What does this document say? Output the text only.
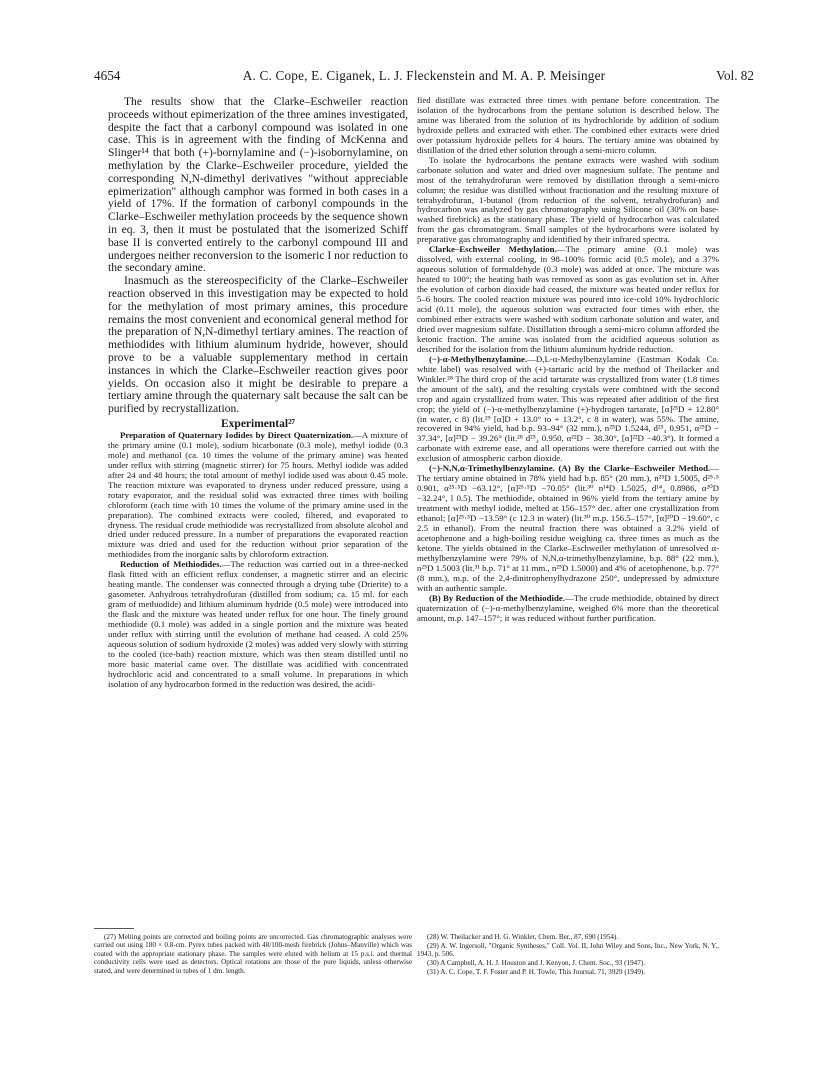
4654	A. C. Cope, E. Ciganek, L. J. Fleckenstein and M. A. P. Meisinger	Vol. 82

The results show that the Clarke–Eschweiler reaction proceeds without epimerization of the three amines investigated, despite the fact that a carbonyl compound was isolated in one case. This is in agreement with the finding of McKenna and Slinger¹⁴ that both (+)-bornylamine and (−)-isobornylamine, on methylation by the Clarke–Eschweiler procedure, yielded the corresponding N,N-dimethyl derivatives "without appreciable epimerization" although camphor was formed in both cases in a yield of 17%. If the formation of carbonyl compounds in the Clarke–Eschweiler methylation proceeds by the sequence shown in eq. 3, then it must be postulated that the isomerized Schiff base II is converted entirely to the carbonyl compound III and undergoes neither reconversion to the isomeric I nor reduction to the secondary amine.

Inasmuch as the stereospecificity of the Clarke–Eschweiler reaction observed in this investigation may be expected to hold for the methylation of most primary amines, this procedure remains the most convenient and economical general method for the preparation of N,N-dimethyl tertiary amines. The reaction of methiodides with lithium aluminum hydride, however, should prove to be a valuable supplementary method in certain instances in which the Clarke–Eschweiler reaction gives poor yields. On occasion also it might be desirable to prepare a tertiary amine through the quaternary salt because the salt can be purified by recrystallization.

Experimental²⁷

Preparation of Quaternary Iodides by Direct Quaternization.—A mixture of the primary amine (0.1 mole), sodium bicarbonate (0.3 mole), methyl iodide (0.3 mole) and methanol (ca. 10 times the volume of the primary amine) was heated under reflux with stirring (magnetic stirrer) for 75 hours. Methyl iodide was added after 24 and 48 hours; the total amount of methyl iodide used was about 0.45 mole. The reaction mixture was evaporated to dryness under reduced pressure, using a rotary evaporator, and the residual solid was extracted three times with boiling chloroform (each time with 10 times the volume of the primary amine used in the preparation). The combined extracts were cooled, filtered, and evaporated to dryness. The residual crude methiodide was recrystallized from absolute alcohol and dried under reduced pressure. In a number of preparations the evaporated reaction mixture was dried and used for the reduction without prior separation of the methiodides from the inorganic salts by chloroform extraction.

Reduction of Methiodides.—The reduction was carried out in a three-necked flask fitted with an efficient reflux condenser, a magnetic stirrer and an electric heating mantle. The condenser was connected through a drying tube (Drierite) to a gasometer. Anhydrous tetrahydrofuran (distilled from sodium; ca. 15 ml. for each gram of methiodide) and lithium aluminum hydride (0.5 mole) were introduced into the flask and the mixture was heated under reflux for one hour. The finely ground methiodide (0.1 mole) was added in a single portion and the mixture was heated under reflux with stirring until the evolution of methane had ceased. A cold 25% aqueous solution of sodium hydroxide (2 moles) was added very slowly with stirring to the cooled (ice-bath) reaction mixture, which was then steam distilled until no more basic material came over. The distillate was acidified with concentrated hydrochloric acid and concentrated to a small volume. In preparations in which isolation of any hydrocarbon formed in the reduction was desired, the acidi-

fied distillate was extracted three times with pentane before concentration. The isolation of the hydrocarbons from the pentane solution is described below. The amine was liberated from the solution of its hydrochloride by addition of sodium hydroxide pellets and extracted with ether. The combined ether extracts were dried over potassium hydroxide pellets for 4 hours. The tertiary amine was obtained by distillation of the dried ether solution through a semi-micro column.

To isolate the hydrocarbons the pentane extracts were washed with sodium carbonate solution and water and dried over magnesium sulfate. The pentane and most of the tetrahydrofuran were removed by distillation through a semi-micro column; the residue was distilled without fractionation and the resulting mixture of tetrahydrofuran, 1-butanol (from reduction of the solvent, tetrahydrofuran) and hydrocarbon was analyzed by gas chromatography using Silicone oil (30% on base-washed firebrick) as the stationary phase. The yield of hydrocarbon was calculated from the gas chromatogram. Small samples of the hydrocarbons were isolated by preparative gas chromatography and identified by their infrared spectra.

Clarke–Eschweiler Methylation.—The primary amine (0.1 mole) was dissolved, with external cooling, in 98–100% formic acid (0.5 mole), and a 37% aqueous solution of formaldehyde (0.3 mole) was added at once. The mixture was heated to 100°; the heating bath was removed as soon as gas evolution set in. After the evolution of carbon dioxide had ceased, the mixture was heated under reflux for 5–6 hours. The cooled reaction mixture was poured into ice-cold 10% hydrochloric acid (0.11 mole), the aqueous solution was extracted four times with ether, the combined ether extracts were washed with sodium carbonate solution and water, and dried over magnesium sulfate. Distillation through a semi-micro column afforded the ketonic fraction. The amine was isolated from the acidified aqueous solution as described for the isolation from the lithium aluminum hydride reduction.

(−)-α-Methylbenzylamine.—D,L-α-Methylbenzylamine (Eastman Kodak Co. white label) was resolved with (+)-tartaric acid by the method of Theilacker and Winkler.²⁸ The third crop of the acid tartarate was crystallized from water (1.8 times the amount of the salt), and the resulting crystals were combined with the second crop and again crystallized from water. This was repeated after addition of the first crop; the yield of (−)-α-methylbenzylamine (+)-hydrogen tartarate, [α]²⁵D + 12.80° (in water, c 8) (lit.²⁹ [α]D + 13.0° to + 13.2°, c 8 in water), was 55%. The amine, recovered in 94% yield, had b.p. 93–94° (32 mm.), n²⁵D 1.5244, d²⁵₄ 0.951, α²⁵D − 37.34°, [α]²⁵D − 39.26° (lit.²⁸ d²⁵₄ 0.950, α²²D − 38.30°, [α]²²D −40.3°). It formed a carbonate with extreme ease, and all operations were therefore carried out with the exclusion of atmospheric carbon dioxide.

(−)-N,N,α-Trimethylbenzylamine. (A) By the Clarke–Eschweiler Method.—The tertiary amine obtained in 78% yield had b.p. 85° (20 mm.), n²⁵D 1.5005, d²⁵·⁵ 0.901, α²⁵·⁵D −63.12°, [α]²⁵·⁵D −70.05° (lit.³⁰ n¹⁴D 1.5025, d¹⁴₄ 0.8986, α²⁰D −32.24°, l 0.5). The methiodide, obtained in 96% yield from the tertiary amine by treatment with methyl iodide, melted at 156–157° dec. after one crystallization from ethanol; [α]²⁵·⁵D −13.59° (c 12.3 in water) (lit.³⁰ m.p. 156.5–157°, [α]²⁰D −19.60°, c 2.5 in ethanol). From the neutral fraction there was obtained a 3.2% yield of acetophenone and a high-boiling residue weighing ca. three times as much as the ketone. The yields obtained in the Clarke–Eschweiler methylation of unresolved α-methylbenzylamine were 79% of N,N,α-trimethylbenzylamine, b.p. 88° (22 mm.), n²⁵D 1.5003 (lit.³¹ b.p. 71° at 11 mm., n²⁵D 1.5000) and 4% of acetophenone, b.p. 77° (8 mm.), m.p. of the 2,4-dinitrophenylhydrazone 250°, undepressed by admixture with an authentic sample.

(B) By Reduction of the Methiodide.—The crude methiodide, obtained by direct quaternization of (−)-α-methylbenzylamine, weighed 6% more than the theoretical amount, m.p. 147–157°; it was reduced without further purification.

(27) Melting points are corrected and boiling points are uncorrected. Gas chromatographic analyses were carried out using 180 × 0.8-cm. Pyrex tubes packed with 48/100-mesh firebrick (Johns–Manville) which was coated with the appropriate stationary phase. The samples were eluted with helium at 15 p.s.i. and thermal conductivity cells were used as detectors. Optical rotations are those of the pure liquids, unless otherwise stated, and were determined in tubes of 1 dm. length.

(28) W. Theilacker and H. G. Winkler, Chem. Ber., 87, 690 (1954).

(29) A. W. Ingersoll, "Organic Syntheses," Coll. Vol. II, John Wiley and Sons, Inc., New York, N. Y., 1943, p. 506.

(30) A Campbell, A. H. J. Houston and J. Kenyon, J. Chem. Soc., 93 (1947).

(31) A. C. Cope, T. F. Foster and P. H. Towle, This Journal, 71, 3929 (1949).
